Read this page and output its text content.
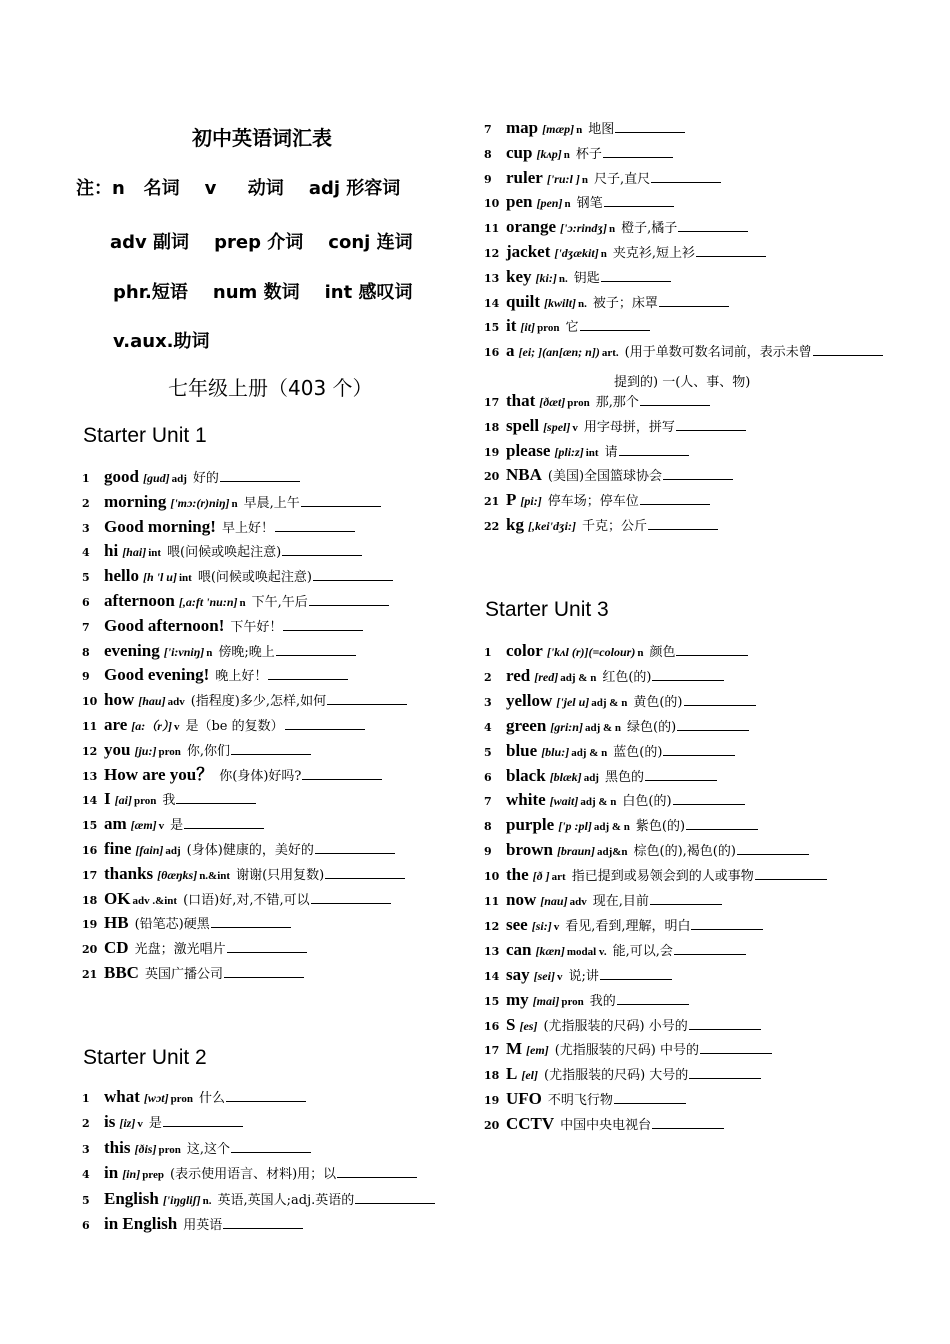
初中英语词汇表
注：n   名词    v     动词    adj 形容词
adv 副词    prep 介词    conj 连词
phr.短语    num 数词    int 感叹词
v.aux.助词
七年级上册（403 个）
Starter Unit 1
1 good [gud] adj 好的
2 morning ['mɔ:(r)niŋ] n 早晨,上午
3 Good morning! 早上好！
4 hi [hai] int 喂(问候或唤起注意)
5 hello [h 'l u] int 喂(问候或唤起注意)
6 afternoon [,ɑ:ft 'nu:n] n 下午,午后
7 Good afternoon! 下午好！
8 evening ['i:vniŋ] n 傍晚;晚上
9 Good evening! 晚上好！
10 how [hau] adv (指程度)多少,怎样,如何
11 are [ɑ:（r）] v 是（be 的复数）
12 you [ju:] pron 你,你们
13 How are you？ 你(身体)好吗?
14 I [ai] pron 我
15 am [æm] v 是
16 fine [fain] adj (身体)健康的，美好的
17 thanks [θæŋks] n.&int 谢谢(只用复数)
18 OK adv .&int (口语)好,对,不错,可以
19 HB (铅笔芯)硬黑
20 CD 光盘；激光唱片
21 BBC 英国广播公司
Starter Unit 2
1 what [wɔt] pron 什么
2 is [iz] v 是
3 this [ðis] pron 这,这个
4 in [in] prep (表示使用语言、材料)用；以
5 English ['iŋgliʃ] n. 英语,英国人;adj.英语的
6 in English 用英语
7 map [mæp] n 地图
8 cup [kʌp] n 杯子
9 ruler ['ru:l ] n 尺子,直尺
10 pen [pen] n 钢笔
11 orange ['ɔ:rindʒ] n 橙子,橘子
12 jacket ['dʒækit] n 夹克衫,短上衫
13 key [ki:] n. 钥匙
14 quilt [kwilt] n. 被子；床罩
15 it [it] pron 它
16 a [ei; ](an[æn; n]) art. (用于单数可数名词前，表示未曾
17 that [ðæt] pron 那,那个
18 spell [spel] v 用字母拼，拼写
19 please [pli:z] int 请
20 NBA (美国)全国篮球协会
21 P [pi:] 停车场；停车位
22 kg [,kei'dʒi:] 千克；公斤
提到的) 一(人、事、物)
Starter Unit 3
1 color ['kʌl (r)](=colour) n 颜色
2 red [red] adj & n 红色(的)
3 yellow ['jel u] adj & n 黄色(的)
4 green [gri:n] adj & n 绿色(的)
5 blue [blu:] adj & n 蓝色(的)
6 black [blæk] adj 黑色的
7 white [wait] adj & n 白色(的)
8 purple ['p :pl] adj & n 紫色(的)
9 brown [braun] adj&n 棕色(的),褐色(的)
10 the [ð ] art 指已提到或易领会到的人或事物
11 now [nau] adv 现在,目前
12 see [si:] v 看见,看到,理解，明白
13 can [kæn] modal v. 能,可以,会
14 say [sei] v 说;讲
15 my [mai] pron 我的
16 S [es] (尤指服装的尺码) 小号的
17 M [em] (尤指服装的尺码) 中号的
18 L [el] (尤指服装的尺码) 大号的
19 UFO 不明飞行物
20 CCTV 中国中央电视台
